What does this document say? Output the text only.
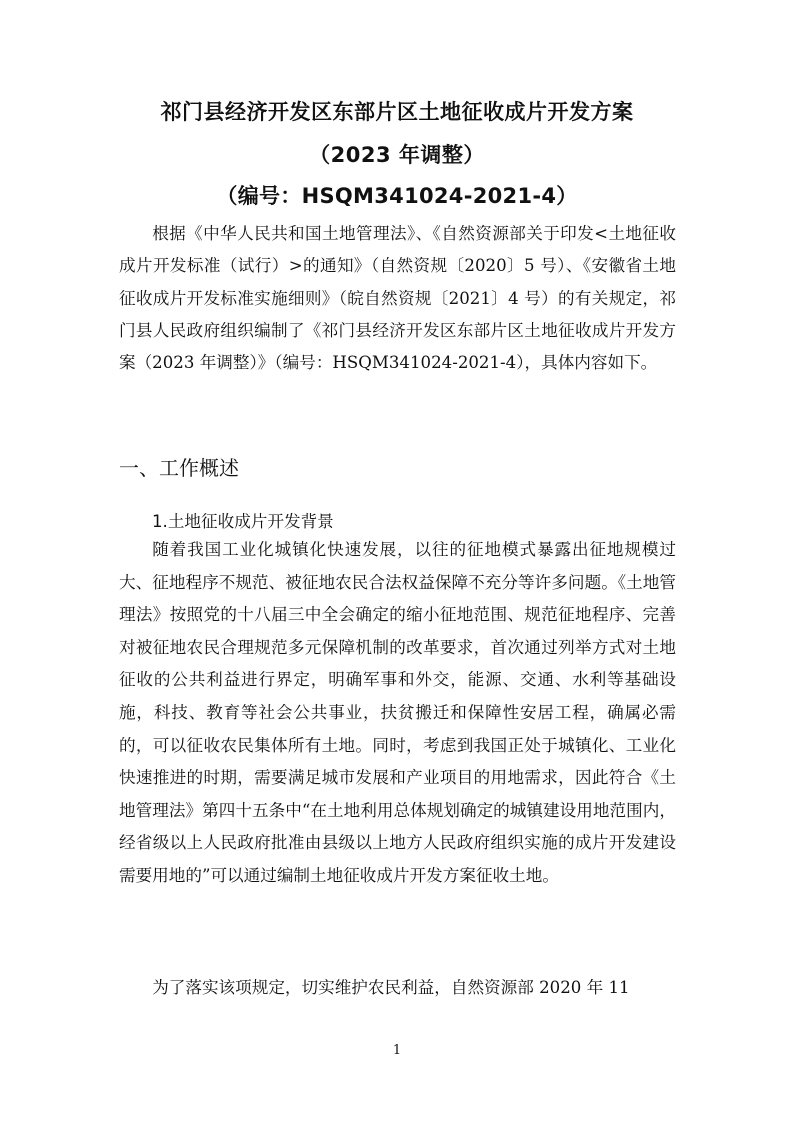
祁门县经济开发区东部片区土地征收成片开发方案
（2023 年调整）
（编号：HSQM341024-2021-4）

根据《中华人民共和国土地管理法》、《自然资源部关于印发<土地征收成片开发标准（试行）>的通知》（自然资规〔2020〕5 号）、《安徽省土地征收成片开发标准实施细则》（皖自然资规〔2021〕4 号）的有关规定，祁门县人民政府组织编制了《祁门县经济开发区东部片区土地征收成片开发方案（2023 年调整）》（编号：HSQM341024-2021-4），具体内容如下。

一、工作概述
1.土地征收成片开发背景

随着我国工业化城镇化快速发展，以往的征地模式暴露出征地规模过大、征地程序不规范、被征地农民合法权益保障不充分等许多问题。《土地管理法》按照党的十八届三中全会确定的缩小征地范围、规范征地程序、完善对被征地农民合理规范多元保障机制的改革要求，首次通过列举方式对土地征收的公共利益进行界定，明确军事和外交，能源、交通、水利等基础设施，科技、教育等社会公共事业，扶贫搬迁和保障性安居工程，确属必需的，可以征收农民集体所有土地。同时，考虑到我国正处于城镇化、工业化快速推进的时期，需要满足城市发展和产业项目的用地需求，因此符合《土地管理法》第四十五条中“在土地利用总体规划确定的城镇建设用地范围内，经省级以上人民政府批准由县级以上地方人民政府组织实施的成片开发建设需要用地的”可以通过编制土地征收成片开发方案征收土地。

为了落实该项规定，切实维护农民利益，自然资源部 2020 年 11

1
